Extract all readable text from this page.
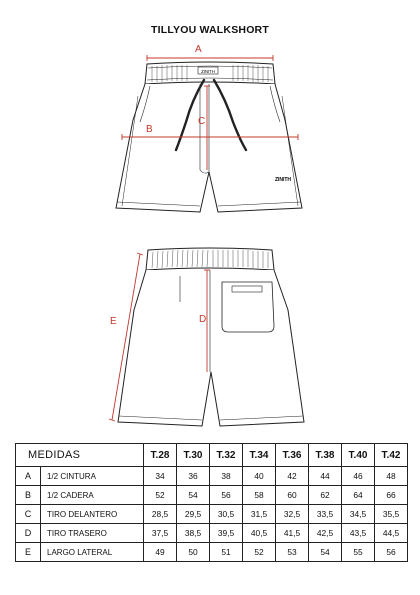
TILLYOU WALKSHORT
ZINITH
ZINITH
A
B
C
E	D
MEDIDAS		T.28	T.30	T.32	T.34	T.36	T.38	T.40	T.42
A	1/2 CINTURA	34	36	38	40	42	44	46	48
B	1/2 CADERA	52	54	56	58	60	62	64	66
C	TIRO DELANTERO	28,5	29,5	30,5	31,5	32,5	33,5	34,5	35,5
D	TIRO TRASERO	37,5	38,5	39,5	40,5	41,5	42,5	43,5	44,5
E	LARGO LATERAL	49	50	51	52	53	54	55	56
